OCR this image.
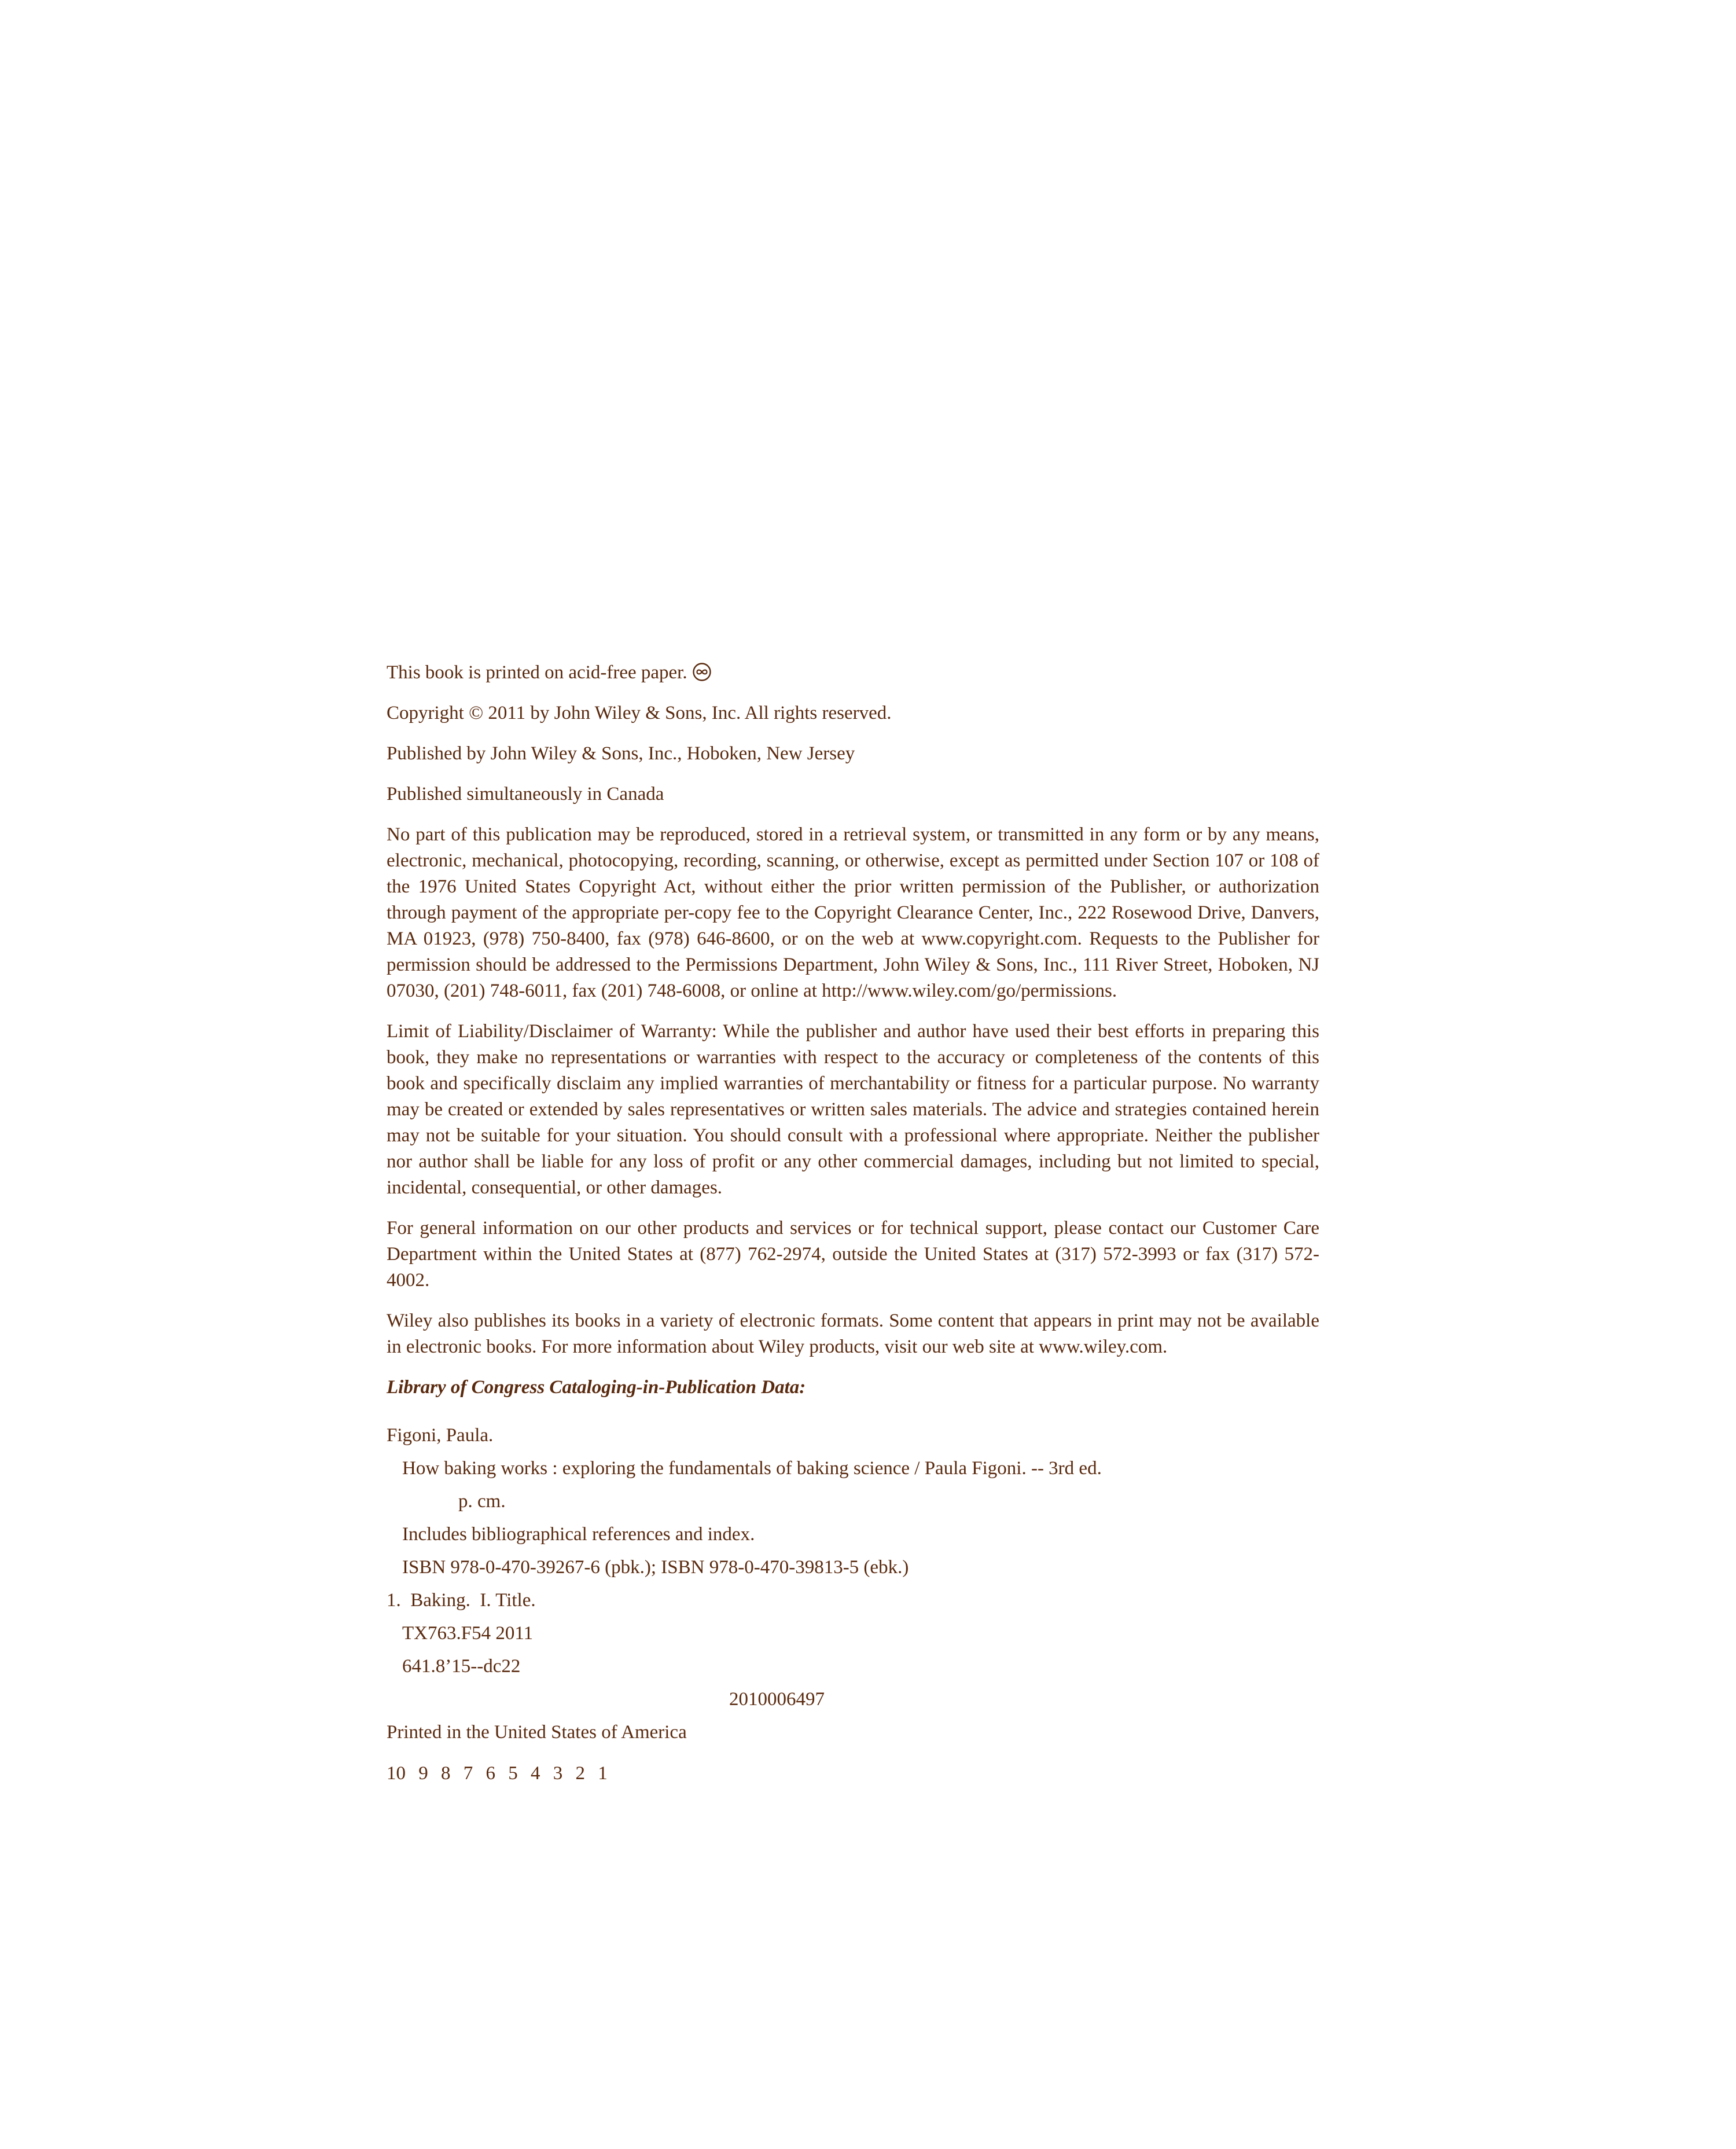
This book is printed on acid-free paper.

Copyright © 2011 by John Wiley & Sons, Inc. All rights reserved.

Published by John Wiley & Sons, Inc., Hoboken, New Jersey

Published simultaneously in Canada

No part of this publication may be reproduced, stored in a retrieval system, or transmitted in any form or by any means, electronic, mechanical, photocopying, recording, scanning, or otherwise, except as permitted under Section 107 or 108 of the 1976 United States Copyright Act, without either the prior written permission of the Publisher, or authorization through payment of the appropriate per-copy fee to the Copyright Clearance Center, Inc., 222 Rosewood Drive, Danvers, MA 01923, (978) 750-8400, fax (978) 646-8600, or on the web at www.copyright.com. Requests to the Publisher for permission should be addressed to the Permissions Department, John Wiley & Sons, Inc., 111 River Street, Hoboken, NJ 07030, (201) 748-6011, fax (201) 748-6008, or online at http://www.wiley.com/go/permissions.

Limit of Liability/Disclaimer of Warranty: While the publisher and author have used their best efforts in preparing this book, they make no representations or warranties with respect to the accuracy or completeness of the contents of this book and specifically disclaim any implied warranties of merchantability or fitness for a particular purpose. No warranty may be created or extended by sales representatives or written sales materials. The advice and strategies contained herein may not be suitable for your situation. You should consult with a professional where appropriate. Neither the publisher nor author shall be liable for any loss of profit or any other commercial damages, including but not limited to special, incidental, consequential, or other damages.

For general information on our other products and services or for technical support, please contact our Customer Care Department within the United States at (877) 762-2974, outside the United States at (317) 572-3993 or fax (317) 572-4002.

Wiley also publishes its books in a variety of electronic formats. Some content that appears in print may not be available in electronic books. For more information about Wiley products, visit our web site at www.wiley.com.

Library of Congress Cataloging-in-Publication Data:

Figoni, Paula.

How baking works : exploring the fundamentals of baking science / Paula Figoni. -- 3rd ed.

p. cm.

Includes bibliographical references and index.

ISBN 978-0-470-39267-6 (pbk.); ISBN 978-0-470-39813-5 (ebk.)

1.  Baking.  I. Title.

TX763.F54 2011

641.8’15--dc22

2010006497

Printed in the United States of America

10 9 8 7 6 5 4 3 2 1
